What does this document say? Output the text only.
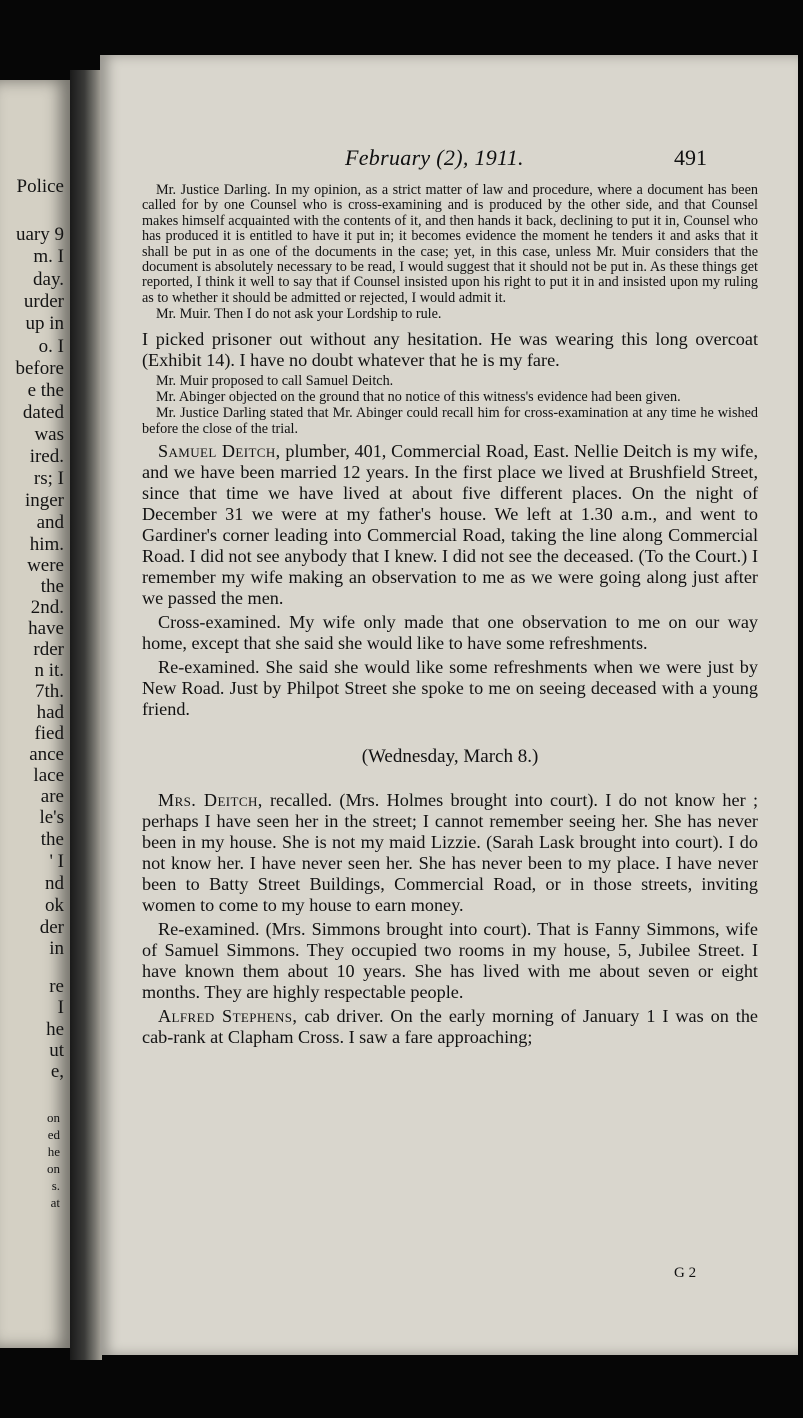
Police

uary 9

m. I

day.

urder

up in

o. I

before

e the

dated

was

ired.

rs; I

inger

and

him.

were

the

2nd.

have

rder

n it.

7th.

had

fied

ance

lace

are

le's

the

' I

nd

ok

der

in

re

I

he

ut

e,

on

ed

he

on

s.

at

February (2), 1911.	491

Mr. Justice Darling. In my opinion, as a strict matter of law and procedure, where a document has been called for by one Counsel who is cross-examining and is produced by the other side, and that Counsel makes himself acquainted with the contents of it, and then hands it back, declining to put it in, Counsel who has produced it is entitled to have it put in; it becomes evidence the moment he tenders it and asks that it shall be put in as one of the documents in the case; yet, in this case, unless Mr. Muir considers that the document is absolutely necessary to be read, I would suggest that it should not be put in. As these things get reported, I think it well to say that if Counsel insisted upon his right to put it in and insisted upon my ruling as to whether it should be admitted or rejected, I would admit it.

Mr. Muir. Then I do not ask your Lordship to rule.

I picked prisoner out without any hesitation. He was wearing this long overcoat (Exhibit 14). I have no doubt whatever that he is my fare.

Mr. Muir proposed to call Samuel Deitch.

Mr. Abinger objected on the ground that no notice of this witness's evidence had been given.

Mr. Justice Darling stated that Mr. Abinger could recall him for cross-examination at any time he wished before the close of the trial.

Samuel Deitch, plumber, 401, Commercial Road, East. Nellie Deitch is my wife, and we have been married 12 years. In the first place we lived at Brushfield Street, since that time we have lived at about five different places. On the night of December 31 we were at my father's house. We left at 1.30 a.m., and went to Gardiner's corner leading into Commercial Road, taking the line along Commercial Road. I did not see anybody that I knew. I did not see the deceased. (To the Court.) I remember my wife making an observation to me as we were going along just after we passed the men.

Cross-examined. My wife only made that one observation to me on our way home, except that she said she would like to have some refreshments.

Re-examined. She said she would like some refreshments when we were just by New Road. Just by Philpot Street she spoke to me on seeing deceased with a young friend.

(Wednesday, March 8.)

Mrs. Deitch, recalled. (Mrs. Holmes brought into court). I do not know her ; perhaps I have seen her in the street; I cannot remember seeing her. She has never been in my house. She is not my maid Lizzie. (Sarah Lask brought into court). I do not know her. I have never seen her. She has never been to my place. I have never been to Batty Street Buildings, Commercial Road, or in those streets, inviting women to come to my house to earn money.

Re-examined. (Mrs. Simmons brought into court). That is Fanny Simmons, wife of Samuel Simmons. They occupied two rooms in my house, 5, Jubilee Street. I have known them about 10 years. She has lived with me about seven or eight months. They are highly respectable people.

Alfred Stephens, cab driver. On the early morning of January 1 I was on the cab-rank at Clapham Cross. I saw a fare approaching;

G 2
